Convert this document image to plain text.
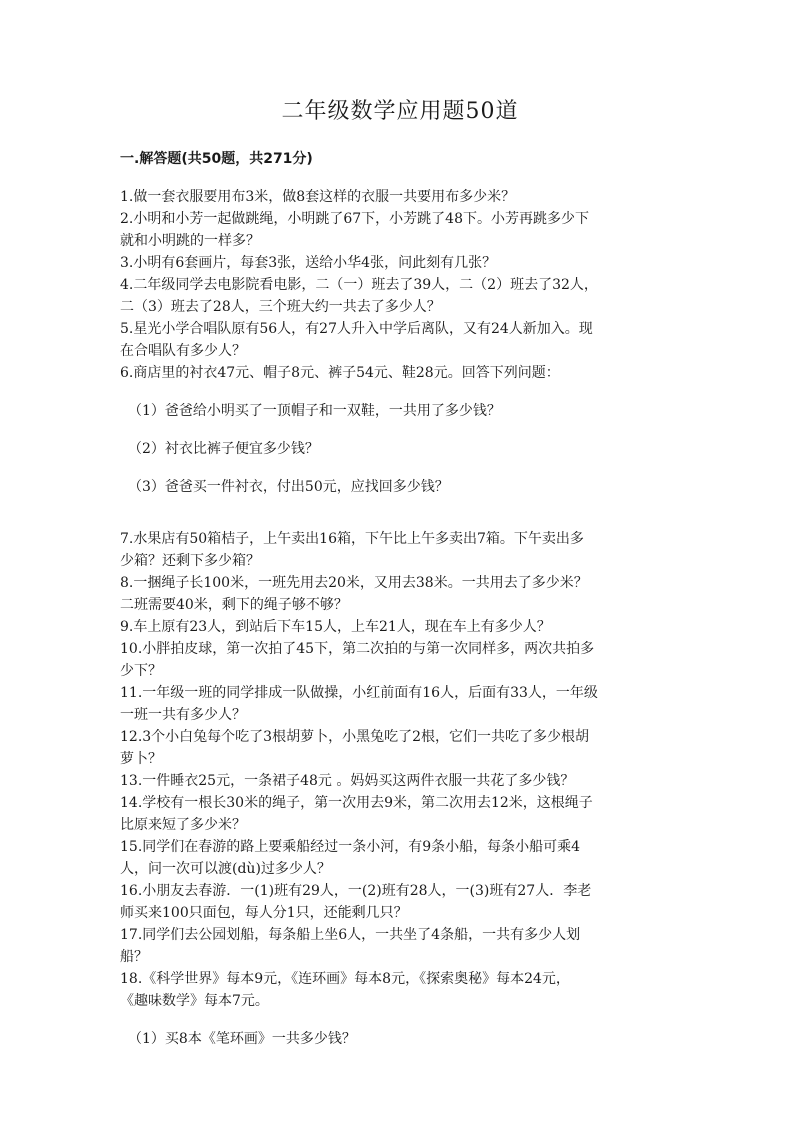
二年级数学应用题50道
一.解答题(共50题，共271分)

1.做一套衣服要用布3米，做8套这样的衣服一共要用布多少米？

2.小明和小芳一起做跳绳，小明跳了67下，小芳跳了48下。小芳再跳多少下

就和小明跳的一样多？

3.小明有6套画片，每套3张，送给小华4张，问此刻有几张？

4.二年级同学去电影院看电影，二（一）班去了39人，二（2）班去了32人，

二（3）班去了28人，三个班大约一共去了多少人？

5.星光小学合唱队原有56人，有27人升入中学后离队，又有24人新加入。现

在合唱队有多少人？

6.商店里的衬衣47元、帽子8元、裤子54元、鞋28元。回答下列问题：

（1）爸爸给小明买了一顶帽子和一双鞋，一共用了多少钱？

（2）衬衣比裤子便宜多少钱？

（3）爸爸买一件衬衣，付出50元，应找回多少钱？

7.水果店有50箱桔子，上午卖出16箱，下午比上午多卖出7箱。下午卖出多

少箱？还剩下多少箱？

8.一捆绳子长100米，一班先用去20米，又用去38米。一共用去了多少米？

二班需要40米，剩下的绳子够不够？

9.车上原有23人，到站后下车15人，上车21人，现在车上有多少人？

10.小胖拍皮球，第一次拍了45下，第二次拍的与第一次同样多，两次共拍多

少下？

11.一年级一班的同学排成一队做操，小红前面有16人，后面有33人，一年级

一班一共有多少人？

12.3个小白兔每个吃了3根胡萝卜，小黑兔吃了2根，它们一共吃了多少根胡

萝卜？

13.一件睡衣25元，一条裙子48元 。妈妈买这两件衣服一共花了多少钱？

14.学校有一根长30米的绳子，第一次用去9米，第二次用去12米，这根绳子

比原来短了多少米？

15.同学们在春游的路上要乘船经过一条小河，有9条小船，每条小船可乘4

人，问一次可以渡(dù)过多少人？

16.小朋友去春游．一(1)班有29人，一(2)班有28人，一(3)班有27人．李老

师买来100只面包，每人分1只，还能剩几只？

17.同学们去公园划船，每条船上坐6人，一共坐了4条船，一共有多少人划

船？

18.《科学世界》每本9元，《连环画》每本8元，《探索奥秘》每本24元，

《趣味数学》每本7元。

（1）买8本《笔环画》一共多少钱？
